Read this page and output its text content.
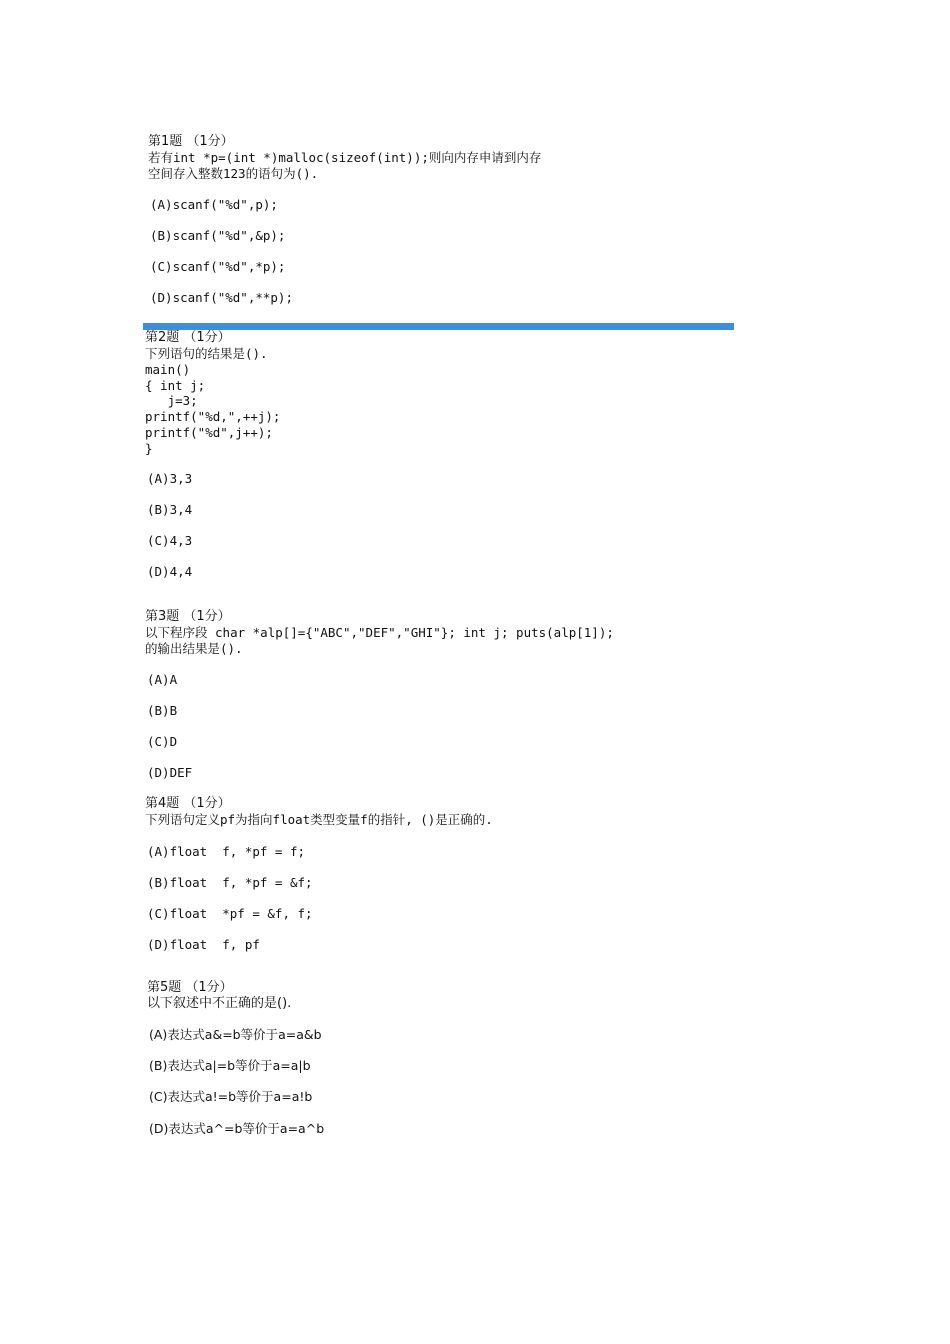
第1题 （1分）
若有int *p=(int *)malloc(sizeof(int));则向内存申请到内存
空间存入整数123的语句为().
(A)scanf("%d",p);
(B)scanf("%d",&p);
(C)scanf("%d",*p);
(D)scanf("%d",**p);
第2题 （1分）
下列语句的结果是().
main()
{ int j;
j=3;
printf("%d,",++j);
printf("%d",j++);
}
(A)3,3
(B)3,4
(C)4,3
(D)4,4
第3题 （1分）
以下程序段 char *alp[]={"ABC","DEF","GHI"}; int j; puts(alp[1]);
的输出结果是().
(A)A
(B)B
(C)D
(D)DEF
第4题 （1分）
下列语句定义pf为指向float类型变量f的指针, ()是正确的.
(A)float  f, *pf = f;
(B)float  f, *pf = &f;
(C)float  *pf = &f, f;
(D)float  f, pf
第5题 （1分）
以下叙述中不正确的是().
(A)表达式a&=b等价于a=a&b
(B)表达式a|=b等价于a=a|b
(C)表达式a!=b等价于a=a!b
(D)表达式a^=b等价于a=a^b
